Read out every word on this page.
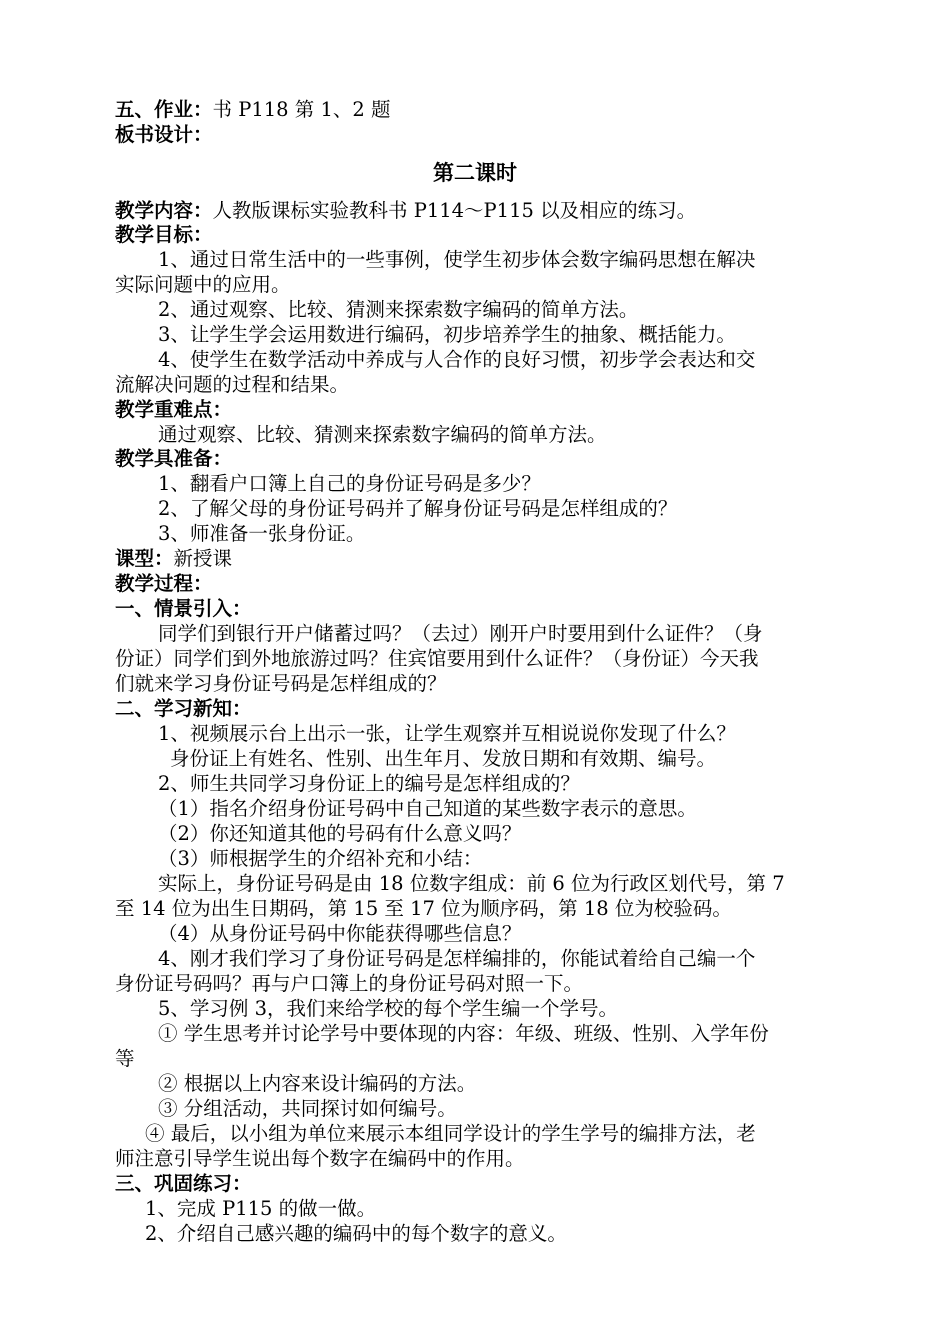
五、作业：书 P118 第 1、2 题
板书设计：
第二课时
教学内容：人教版课标实验教科书 P114～P115 以及相应的练习。
教学目标：
1、通过日常生活中的一些事例，使学生初步体会数字编码思想在解决
实际问题中的应用。
2、通过观察、比较、猜测来探索数字编码的简单方法。
3、让学生学会运用数进行编码，初步培养学生的抽象、概括能力。
4、使学生在数学活动中养成与人合作的良好习惯，初步学会表达和交
流解决问题的过程和结果。
教学重难点：
通过观察、比较、猜测来探索数字编码的简单方法。
教学具准备：
1、翻看户口簿上自己的身份证号码是多少？
2、了解父母的身份证号码并了解身份证号码是怎样组成的？
3、师准备一张身份证。
课型：新授课
教学过程：
一、情景引入：
同学们到银行开户储蓄过吗？（去过）刚开户时要用到什么证件？（身
份证）同学们到外地旅游过吗？住宾馆要用到什么证件？（身份证）今天我
们就来学习身份证号码是怎样组成的？
二、学习新知：
1、视频展示台上出示一张，让学生观察并互相说说你发现了什么？
身份证上有姓名、性别、出生年月、发放日期和有效期、编号。
2、师生共同学习身份证上的编号是怎样组成的？
（1）指名介绍身份证号码中自己知道的某些数字表示的意思。
（2）你还知道其他的号码有什么意义吗？
（3）师根据学生的介绍补充和小结：
实际上，身份证号码是由 18 位数字组成：前 6 位为行政区划代号，第 7
至 14 位为出生日期码，第 15 至 17 位为顺序码，第 18 位为校验码。
（4）从身份证号码中你能获得哪些信息？
4、刚才我们学习了身份证号码是怎样编排的，你能试着给自己编一个
身份证号码吗？再与户口簿上的身份证号码对照一下。
5、学习例 3，我们来给学校的每个学生编一个学号。
① 学生思考并讨论学号中要体现的内容：年级、班级、性别、入学年份
等
② 根据以上内容来设计编码的方法。
③ 分组活动，共同探讨如何编号。
④ 最后，以小组为单位来展示本组同学设计的学生学号的编排方法，老
师注意引导学生说出每个数字在编码中的作用。
三、巩固练习：
1、完成 P115 的做一做。
2、介绍自己感兴趣的编码中的每个数字的意义。
